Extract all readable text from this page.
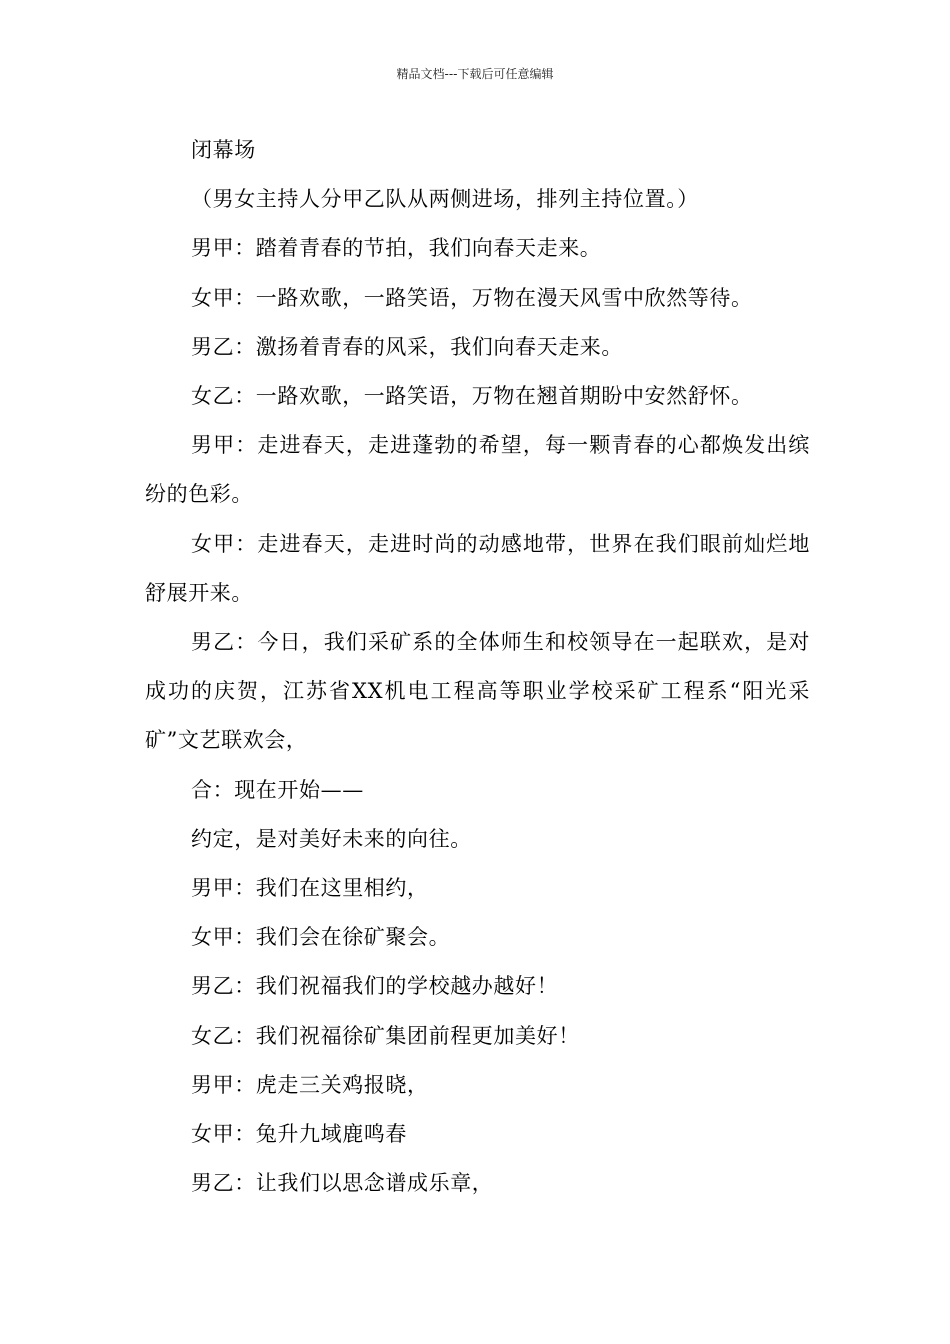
精品文档---下载后可任意编辑

闭幕场

（男女主持人分甲乙队从两侧进场，排列主持位置。）

男甲：踏着青春的节拍，我们向春天走来。

女甲：一路欢歌，一路笑语，万物在漫天风雪中欣然等待。

男乙：激扬着青春的风采，我们向春天走来。

女乙：一路欢歌，一路笑语，万物在翘首期盼中安然舒怀。

男甲：走进春天，走进蓬勃的希望，每一颗青春的心都焕发出缤纷的色彩。

女甲：走进春天，走进时尚的动感地带，世界在我们眼前灿烂地舒展开来。

男乙：今日，我们采矿系的全体师生和校领导在一起联欢，是对成功的庆贺，江苏省XX机电工程高等职业学校采矿工程系“阳光采矿”文艺联欢会，

合：现在开始——

约定，是对美好未来的向往。

男甲：我们在这里相约，

女甲：我们会在徐矿聚会。

男乙：我们祝福我们的学校越办越好！

女乙：我们祝福徐矿集团前程更加美好！

男甲：虎走三关鸡报晓，

女甲：兔升九域鹿鸣春

男乙：让我们以思念谱成乐章，
